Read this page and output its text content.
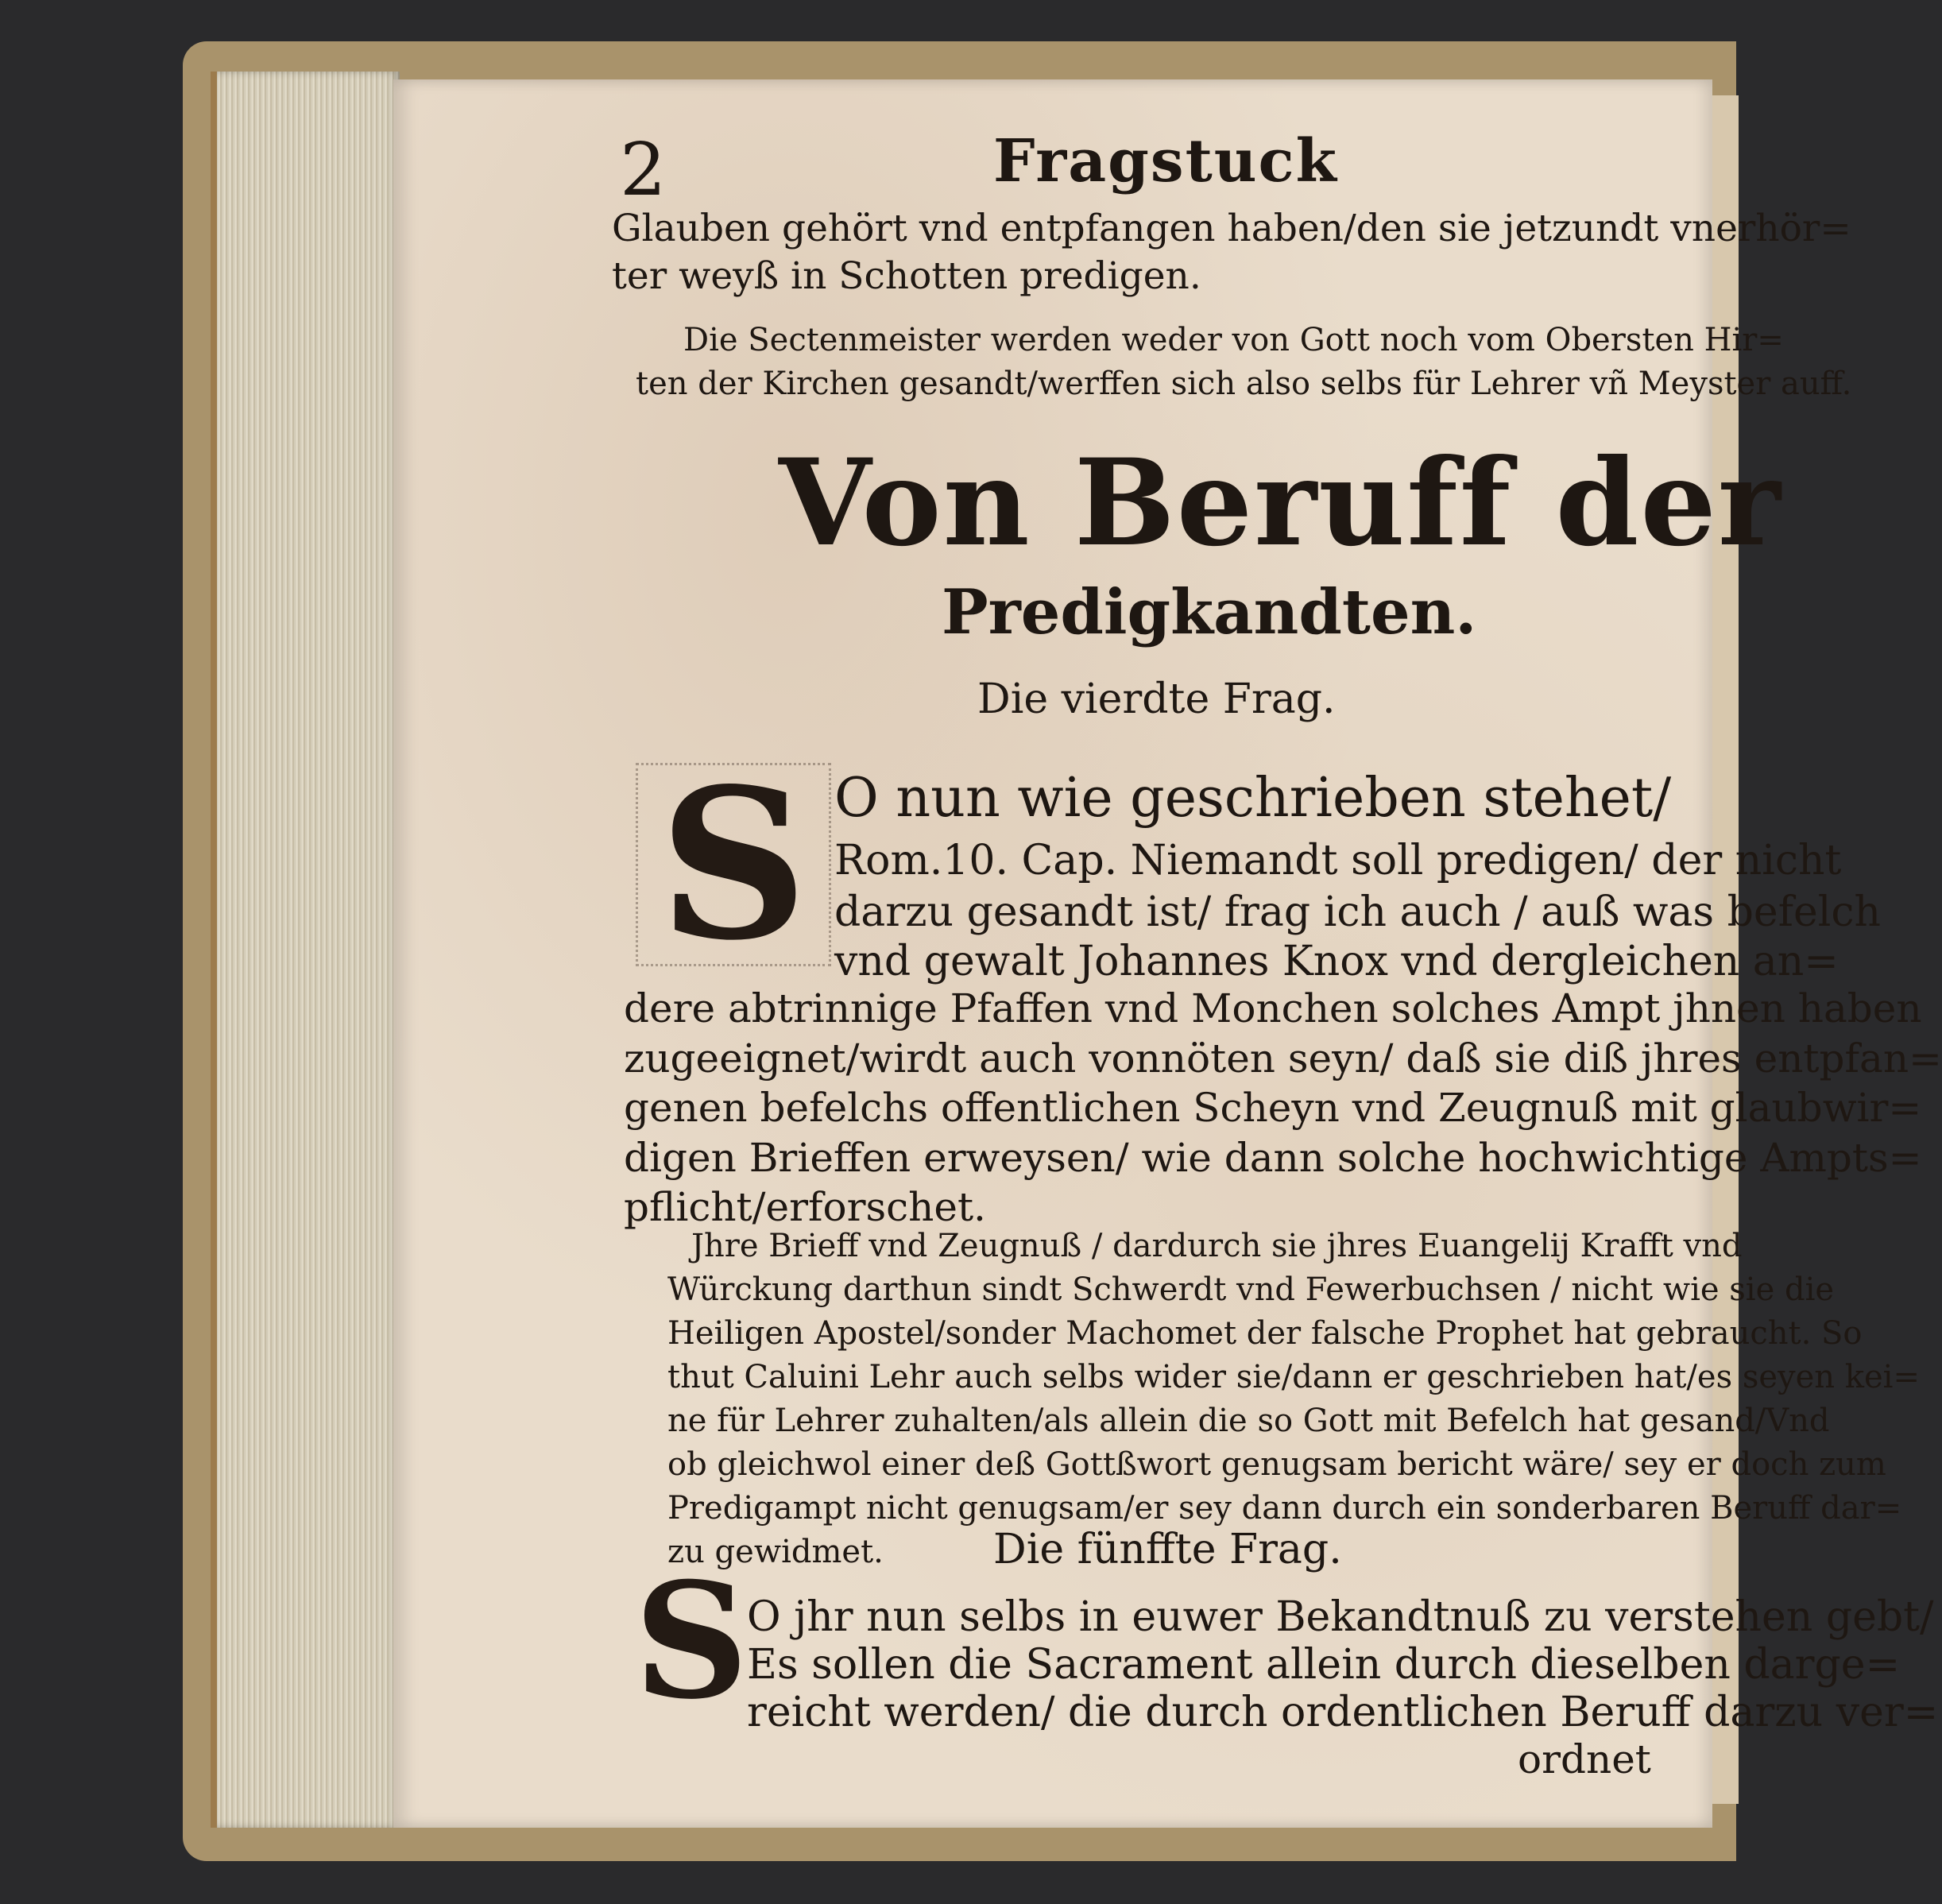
2	Fragstuck
Glauben gehört vnd entpfangen haben/den sie jetzundt vnerhör=
ter weyß in Schotten predigen.
Die Sectenmeister werden weder von Gott noch vom Obersten Hir=
ten der Kirchen gesandt/werffen sich also selbs für Lehrer vñ Meyster auff.
Von Beruff der
Predigkandten.
Die vierdte Frag.
S O nun wie geschrieben stehet/
Rom.10. Cap. Niemandt soll predigen/ der nicht
darzu gesandt ist/ frag ich auch / auß was befelch
vnd gewalt Johannes Knox vnd dergleichen an=
dere abtrinnige Pfaffen vnd Monchen solches Ampt jhnen haben
zugeeignet/wirdt auch vonnöten seyn/ daß sie diß jhres entpfan=
genen befelchs offentlichen Scheyn vnd Zeugnuß mit glaubwir=
digen Brieffen erweysen/ wie dann solche hochwichtige Ampts=
pflicht/erforschet.
Jhre Brieff vnd Zeugnuß / dardurch sie jhres Euangelij Krafft vnd
Würckung darthun sindt Schwerdt vnd Fewerbuchsen / nicht wie sie die
Heiligen Apostel/sonder Machomet der falsche Prophet hat gebraucht. So
thut Caluini Lehr auch selbs wider sie/dann er geschrieben hat/es seyen kei=
ne für Lehrer zuhalten/als allein die so Gott mit Befelch hat gesand/Vnd
ob gleichwol einer deß Gottßwort genugsam bericht wäre/ sey er doch zum
Predigampt nicht genugsam/er sey dann durch ein sonderbaren Beruff dar=
zu gewidmet.	Die fünffte Frag.
S
O jhr nun selbs in euwer Bekandtnuß zu verstehen gebt/
Es sollen die Sacrament allein durch dieselben darge=
reicht werden/ die durch ordentlichen Beruff darzu ver=
ordnet
